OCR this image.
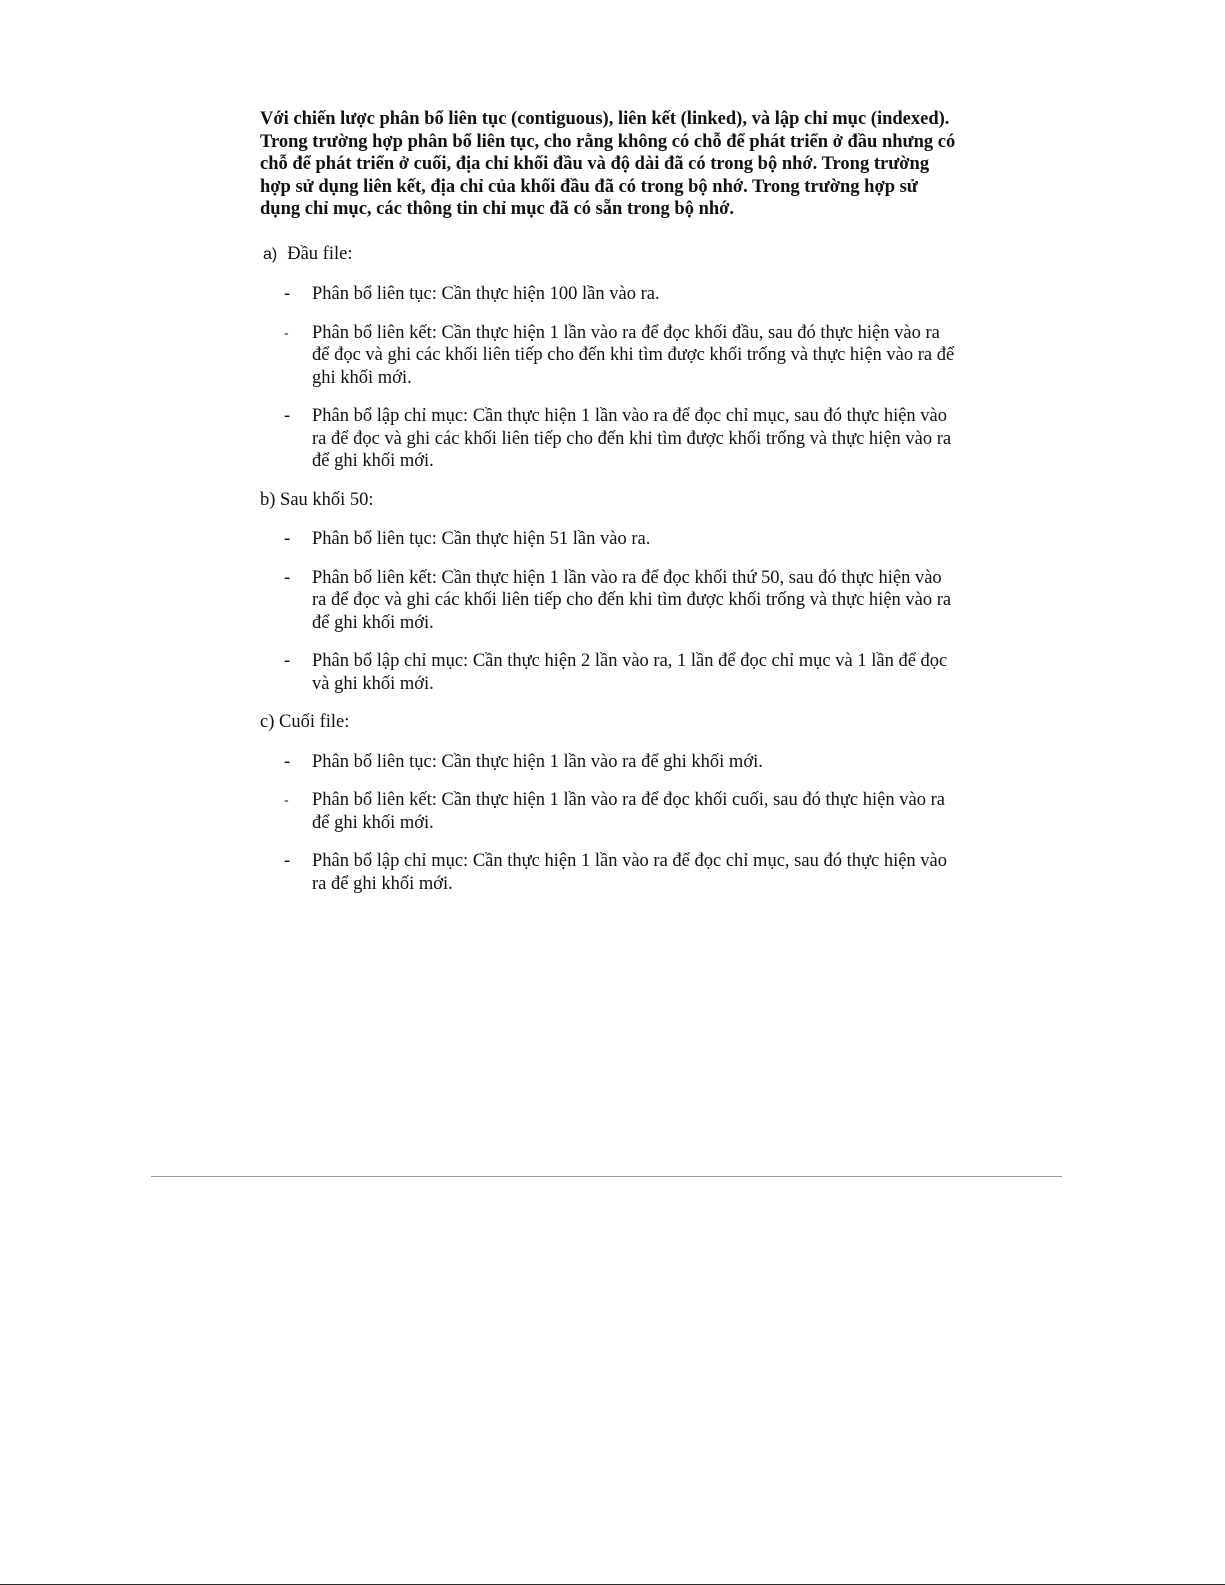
Với chiến lược phân bổ liên tục (contiguous), liên kết (linked), và lập chỉ mục (indexed). Trong trường hợp phân bổ liên tục, cho rằng không có chỗ để phát triển ở đầu nhưng có chỗ để phát triển ở cuối, địa chỉ khối đầu và độ dài đã có trong bộ nhớ. Trong trường hợp sử dụng liên kết, địa chỉ của khối đầu đã có trong bộ nhớ. Trong trường hợp sử dụng chỉ mục, các thông tin chỉ mục đã có sẵn trong bộ nhớ.

a) Đầu file:

- Phân bổ liên tục: Cần thực hiện 100 lần vào ra.
- Phân bổ liên kết: Cần thực hiện 1 lần vào ra để đọc khối đầu, sau đó thực hiện vào ra để đọc và ghi các khối liên tiếp cho đến khi tìm được khối trống và thực hiện vào ra để ghi khối mới.
- Phân bổ lập chỉ mục: Cần thực hiện 1 lần vào ra để đọc chỉ mục, sau đó thực hiện vào ra để đọc và ghi các khối liên tiếp cho đến khi tìm được khối trống và thực hiện vào ra để ghi khối mới.

b) Sau khối 50:

- Phân bổ liên tục: Cần thực hiện 51 lần vào ra.
- Phân bổ liên kết: Cần thực hiện 1 lần vào ra để đọc khối thứ 50, sau đó thực hiện vào ra để đọc và ghi các khối liên tiếp cho đến khi tìm được khối trống và thực hiện vào ra để ghi khối mới.
- Phân bổ lập chỉ mục: Cần thực hiện 2 lần vào ra, 1 lần để đọc chỉ mục và 1 lần để đọc và ghi khối mới.

c) Cuối file:

- Phân bổ liên tục: Cần thực hiện 1 lần vào ra để ghi khối mới.
- Phân bổ liên kết: Cần thực hiện 1 lần vào ra để đọc khối cuối, sau đó thực hiện vào ra để ghi khối mới.
- Phân bổ lập chỉ mục: Cần thực hiện 1 lần vào ra để đọc chỉ mục, sau đó thực hiện vào ra để ghi khối mới.
